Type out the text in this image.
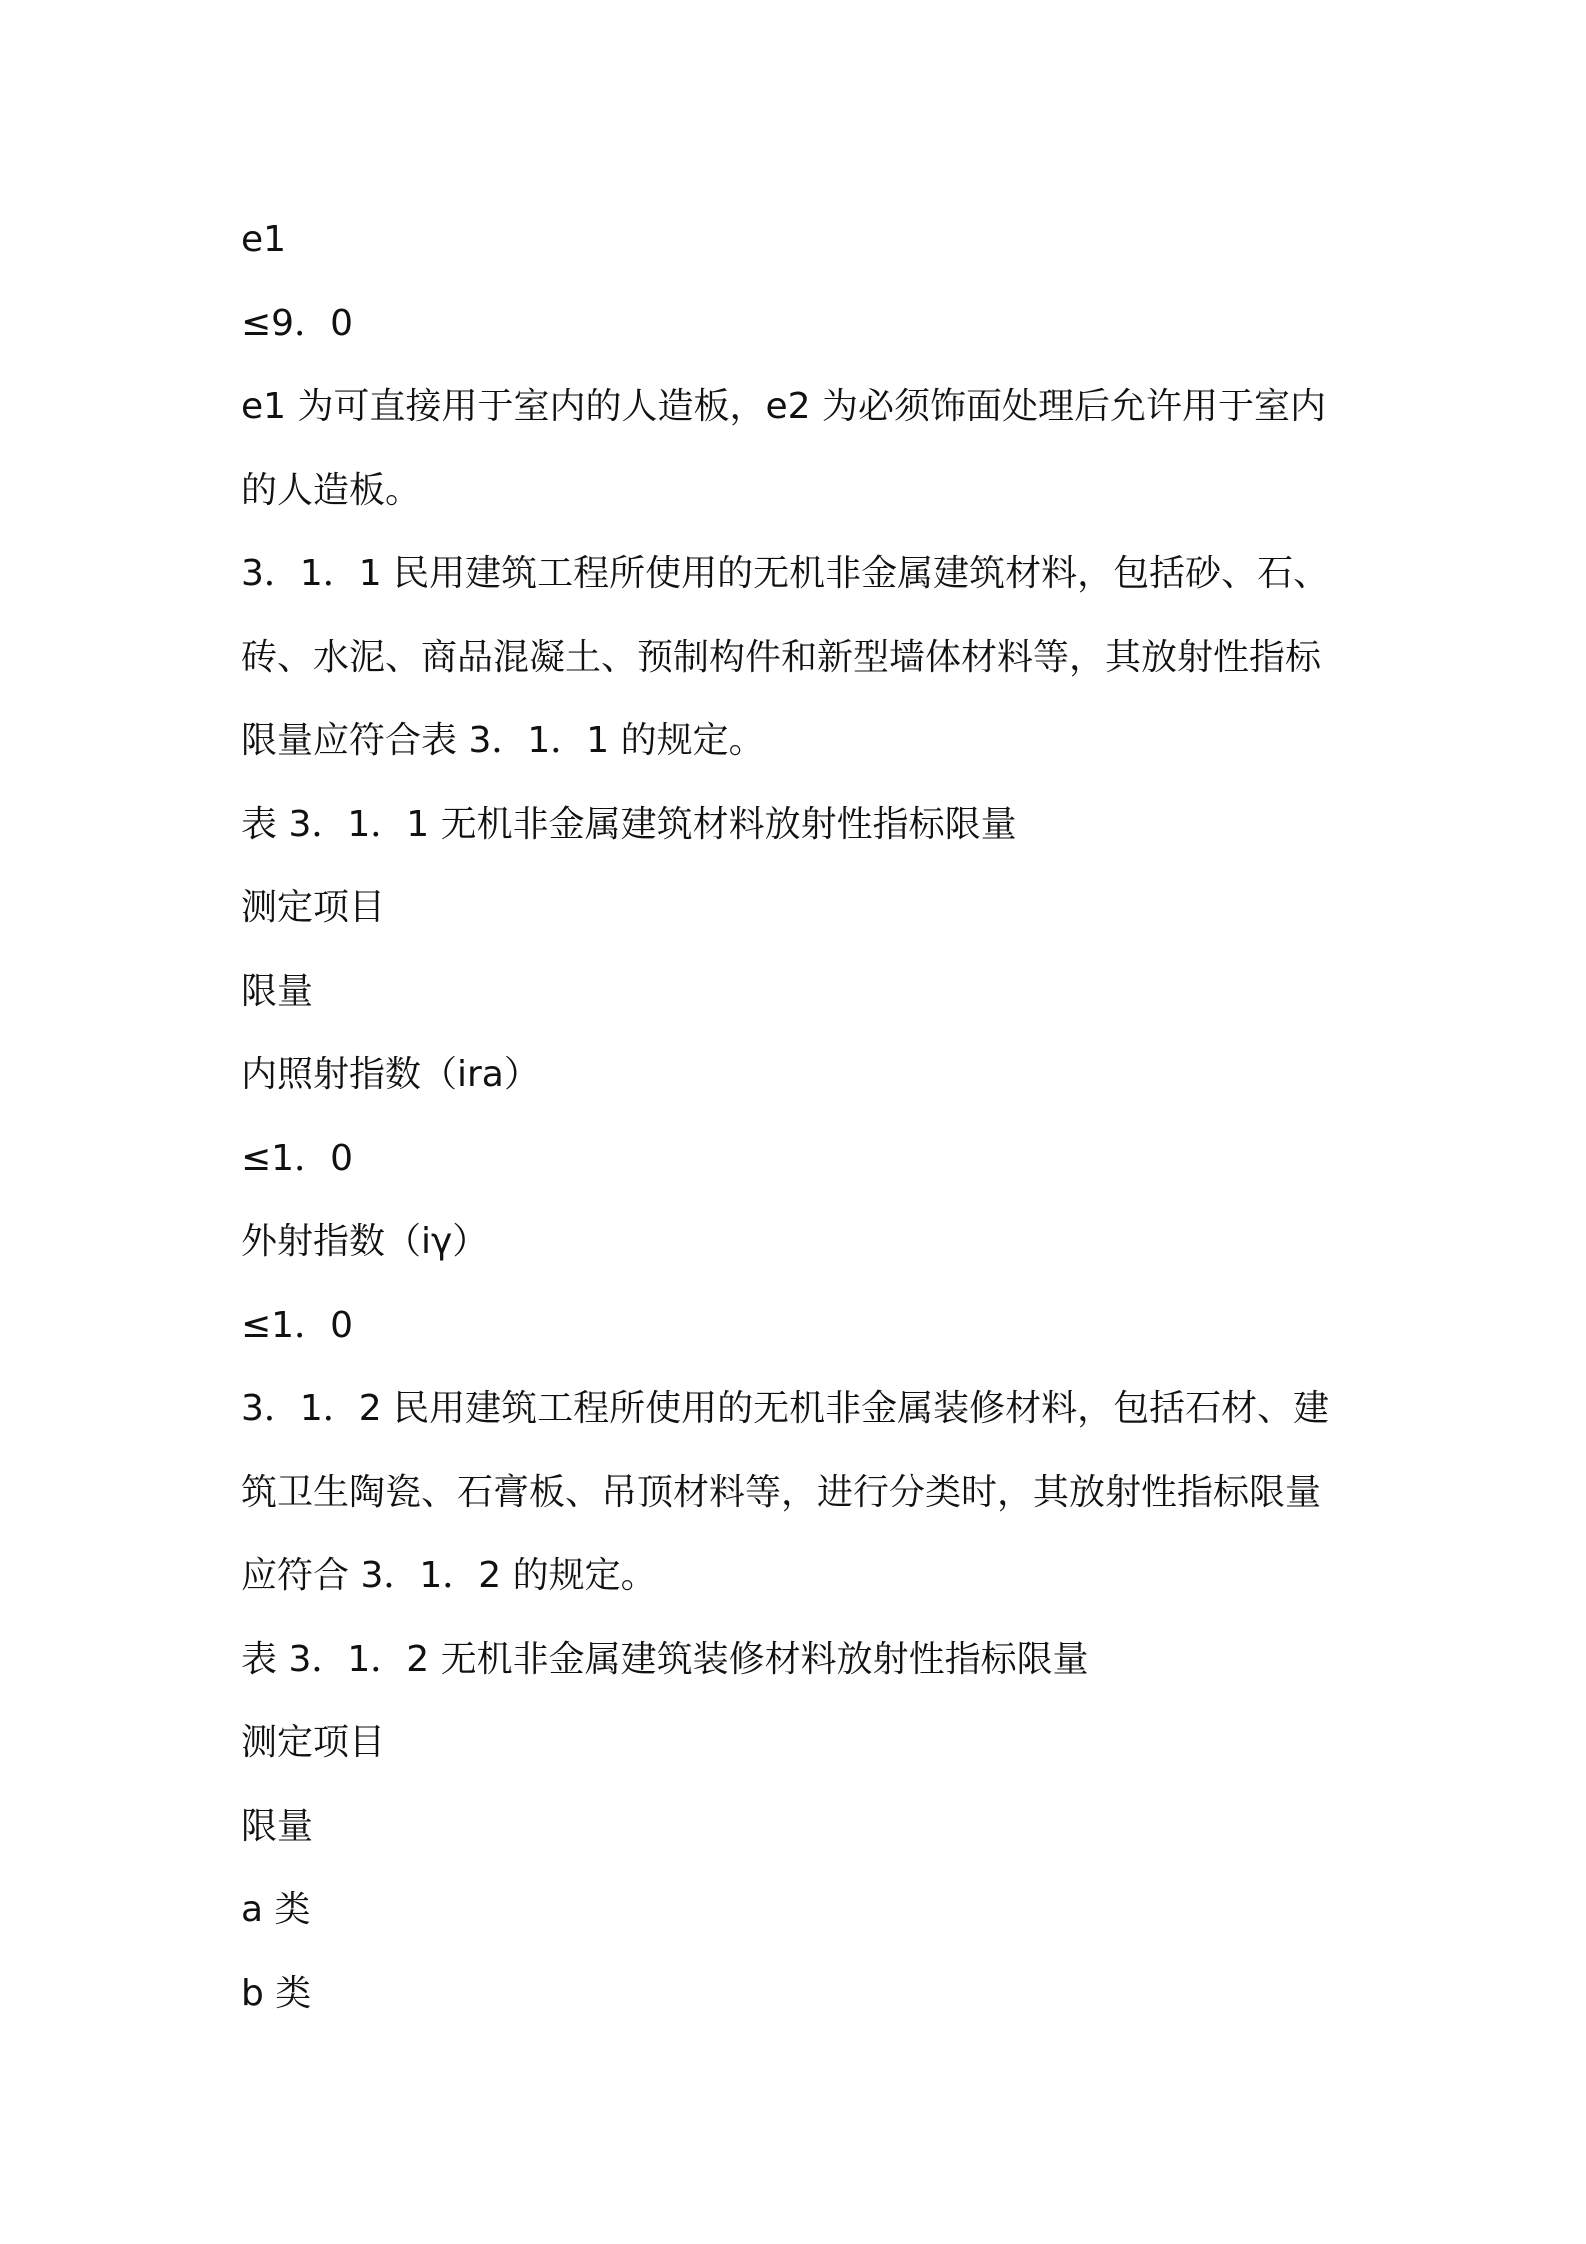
e1

≤9．0

e1 为可直接用于室内的人造板，e2 为必须饰面处理后允许用于室内

的人造板。

3．1．1 民用建筑工程所使用的无机非金属建筑材料，包括砂、石、

砖、水泥、商品混凝土、预制构件和新型墙体材料等，其放射性指标

限量应符合表 3．1．1 的规定。

表 3．1．1 无机非金属建筑材料放射性指标限量

测定项目

限量

内照射指数（ira）

≤1．0

外射指数（iγ）

≤1．0

3．1．2 民用建筑工程所使用的无机非金属装修材料，包括石材、建

筑卫生陶瓷、石膏板、吊顶材料等，进行分类时，其放射性指标限量

应符合 3．1．2 的规定。

表 3．1．2 无机非金属建筑装修材料放射性指标限量

测定项目

限量

a 类

b 类
